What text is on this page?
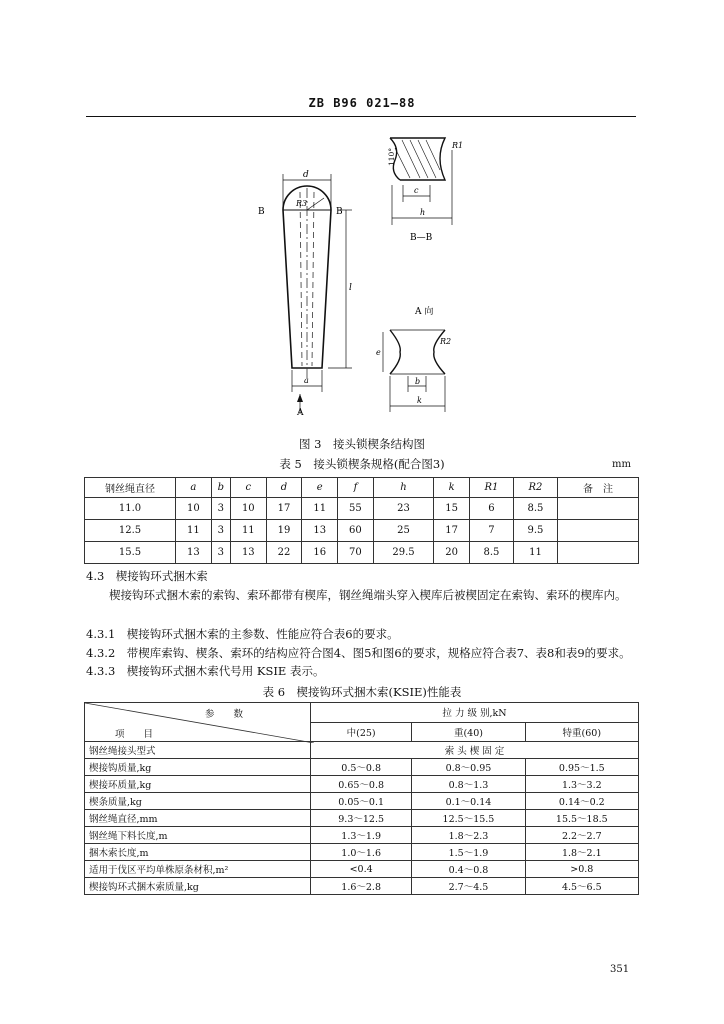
ZB B96 021—88
d
B	B
R3
l
a
A
110°
R1
c
h
B—B
A 向
e
R2
b
k
图 3　接头锁楔条结构图
表 5　接头锁楔条规格(配合图3)	mm
钢丝绳直径	a	b	c	d	e	f	h	k	R1	R2	备　注
11.0	10	3	10	17	11	55	23	15	6	8.5	
12.5	11	3	11	19	13	60	25	17	7	9.5	
15.5	13	3	13	22	16	70	29.5	20	8.5	11	
4.3　楔接钩环式捆木索
楔接钩环式捆木索的索钩、索环都带有楔库，钢丝绳端头穿入楔库后被楔固定在索钩、索环的楔库内。
4.3.1　楔接钩环式捆木索的主参数、性能应符合表6的要求。
4.3.2　带楔库索钩、楔条、索环的结构应符合图4、图5和图6的要求，规格应符合表7、表8和表9的要求。
4.3.3　楔接钩环式捆木索代号用 KSIE 表示。
表 6　楔接钩环式捆木索(KSIE)性能表
参　　数
项　　目	拉 力 级 别,kN		
	中(25)	重(40)	特重(60)
钢丝绳接头型式	索 头 楔 固 定		
楔接钩质量,kg	0.5～0.8	0.8～0.95	0.95～1.5
楔接环质量,kg	0.65～0.8	0.8～1.3	1.3～3.2
楔条质量,kg	0.05～0.1	0.1～0.14	0.14～0.2
钢丝绳直径,mm	9.3～12.5	12.5～15.5	15.5～18.5
钢丝绳下料长度,m	1.3～1.9	1.8～2.3	2.2～2.7
捆木索长度,m	1.0～1.6	1.5～1.9	1.8～2.1
适用于伐区平均单株原条材积,m²	<0.4	0.4～0.8	>0.8
楔接钩环式捆木索质量,kg	1.6～2.8	2.7～4.5	4.5～6.5
351
